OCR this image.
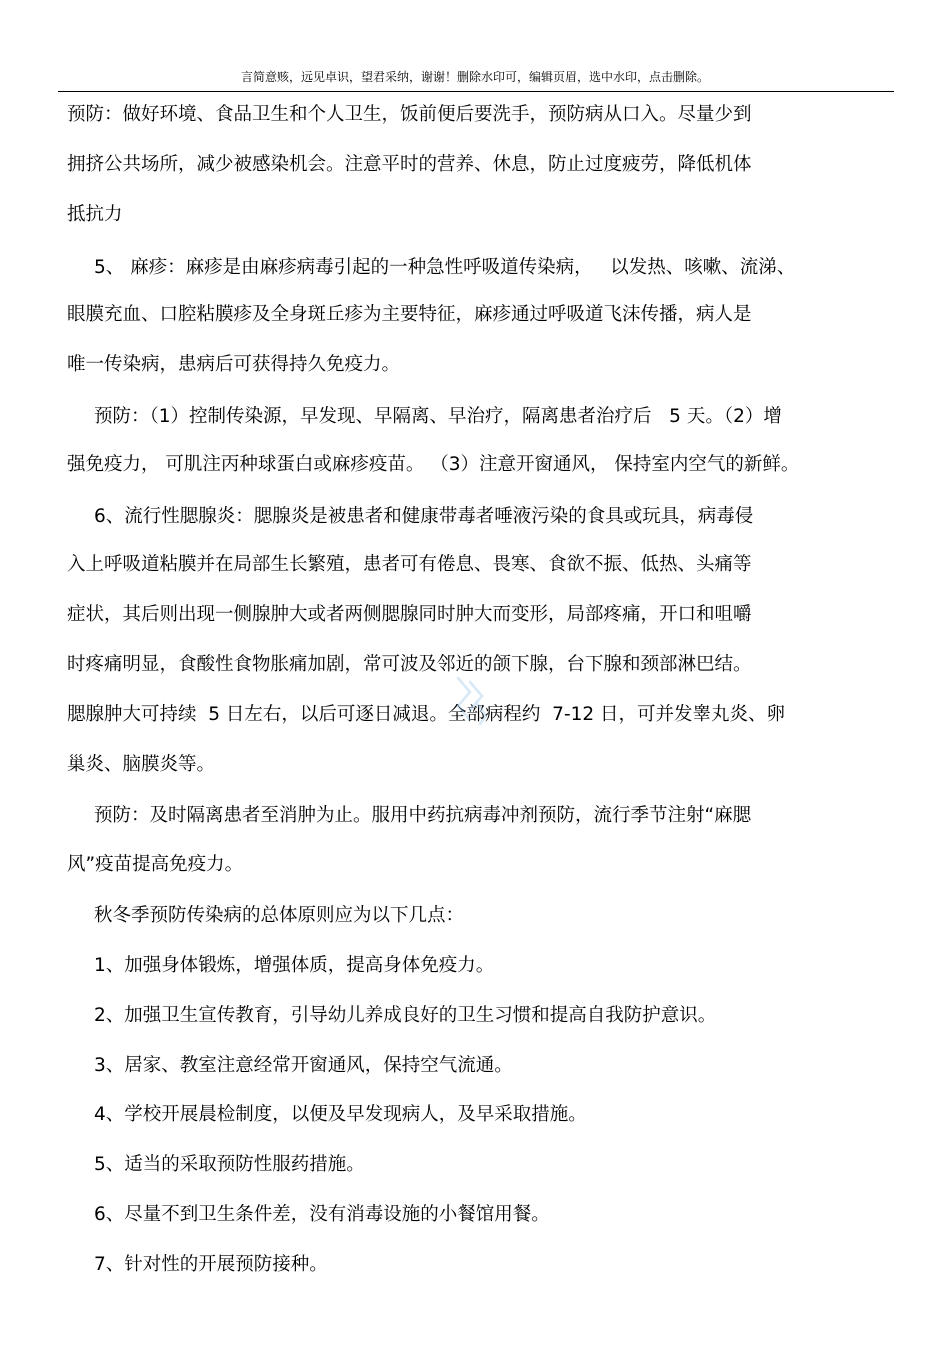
言简意赅，远见卓识，望君采纳，谢谢！删除水印可，编辑页眉，选中水印，点击删除。
预防：做好环境、食品卫生和个人卫生，饭前便后要洗手，预防病从口入。尽量少到
拥挤公共场所，减少被感染机会。注意平时的营养、休息，防止过度疲劳，降低机体
抵抗力
5、 麻疹：麻疹是由麻疹病毒引起的一种急性呼吸道传染病，   以发热、咳嗽、流涕、
眼膜充血、口腔粘膜疹及全身斑丘疹为主要特征，麻疹通过呼吸道飞沫传播，病人是
唯一传染病，患病后可获得持久免疫力。
预防：（1）控制传染源，早发现、早隔离、早治疗，隔离患者治疗后   5 天。（2）增
强免疫力， 可肌注丙种球蛋白或麻疹疫苗。 （3）注意开窗通风， 保持室内空气的新鲜。
6、流行性腮腺炎：腮腺炎是被患者和健康带毒者唾液污染的食具或玩具，病毒侵
入上呼吸道粘膜并在局部生长繁殖，患者可有倦息、畏寒、食欲不振、低热、头痛等
症状，其后则出现一侧腺肿大或者两侧腮腺同时肿大而变形，局部疼痛，开口和咀嚼
时疼痛明显，食酸性食物胀痛加剧，常可波及邻近的颌下腺，台下腺和颈部淋巴结。
腮腺肿大可持续  5 日左右，以后可逐日减退。全部病程约  7-12 日，可并发睾丸炎、卵
巢炎、脑膜炎等。
预防：及时隔离患者至消肿为止。服用中药抗病毒冲剂预防，流行季节注射“麻腮
风”疫苗提高免疫力。
秋冬季预防传染病的总体原则应为以下几点：
1、加强身体锻炼，增强体质，提高身体免疫力。
2、加强卫生宣传教育，引导幼儿养成良好的卫生习惯和提高自我防护意识。
3、居家、教室注意经常开窗通风，保持空气流通。
4、学校开展晨检制度，以便及早发现病人，及早采取措施。
5、适当的采取预防性服药措施。
6、尽量不到卫生条件差，没有消毒设施的小餐馆用餐。
7、针对性的开展预防接种。
